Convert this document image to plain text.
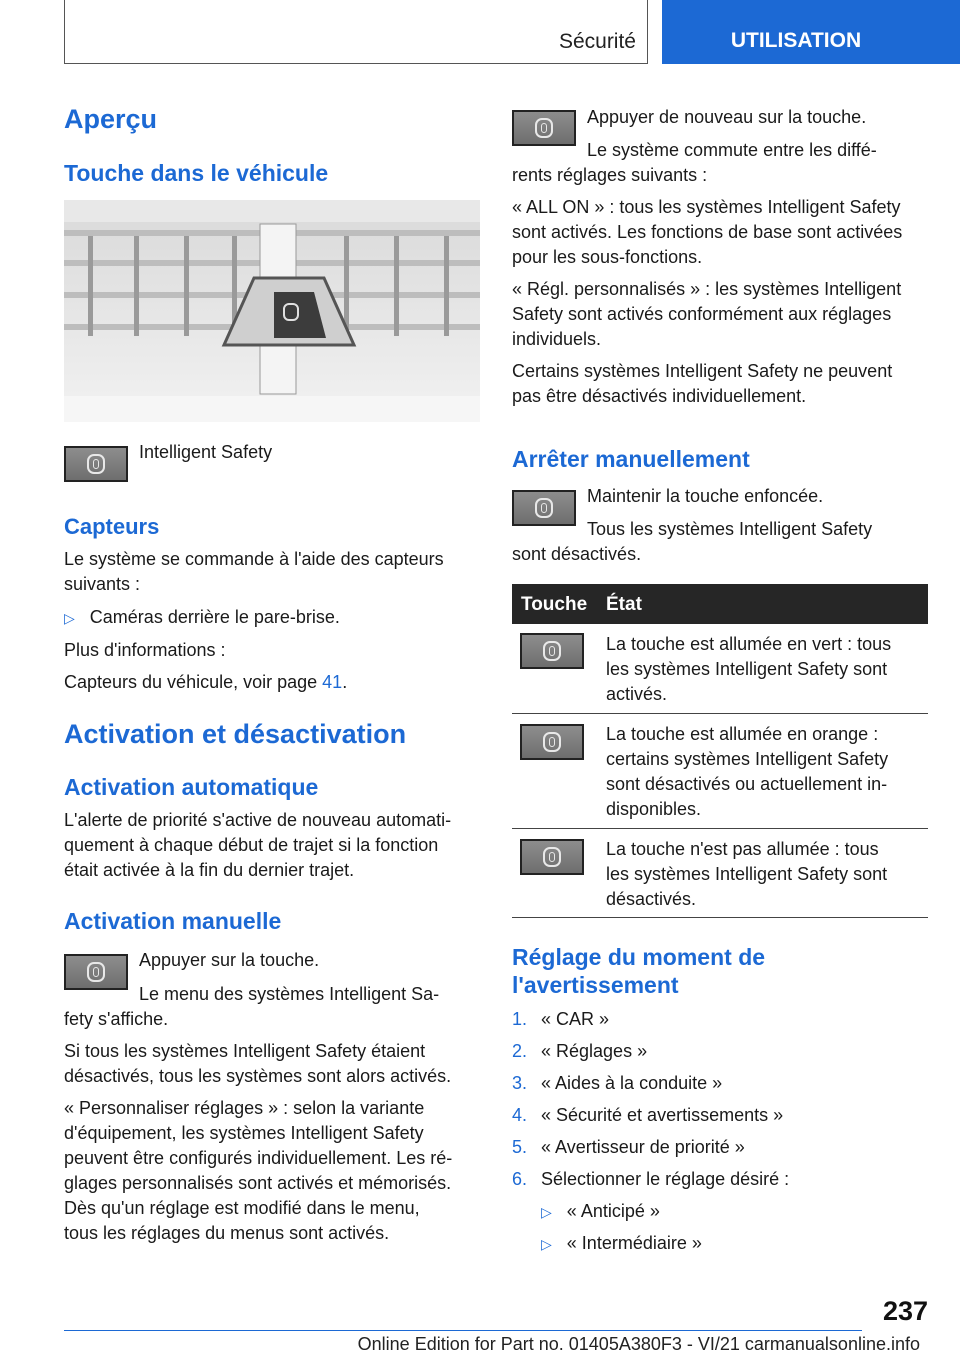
Sécurité	UTILISATION
Aperçu
Touche dans le véhicule
Intelligent Safety
Capteurs
Le système se commande à l'aide des capteurs
suivants :
▷ Caméras derrière le pare-brise.
Plus d'informations :
Capteurs du véhicule, voir page 41.
Activation et désactivation
Activation automatique
L'alerte de priorité s'active de nouveau automati-
quement à chaque début de trajet si la fonction
était activée à la fin du dernier trajet.
Activation manuelle
Appuyer sur la touche.
Le menu des systèmes Intelligent Sa-
fety s'affiche.
Si tous les systèmes Intelligent Safety étaient
désactivés, tous les systèmes sont alors activés.
« Personnaliser réglages » : selon la variante
d'équipement, les systèmes Intelligent Safety
peuvent être configurés individuellement. Les ré-
glages personnalisés sont activés et mémorisés.
Dès qu'un réglage est modifié dans le menu,
tous les réglages du menus sont activés.
Appuyer de nouveau sur la touche.
Le système commute entre les diffé-
rents réglages suivants :
« ALL ON » : tous les systèmes Intelligent Safety
sont activés. Les fonctions de base sont activées
pour les sous-fonctions.
« Régl. personnalisés » : les systèmes Intelligent
Safety sont activés conformément aux réglages
individuels.
Certains systèmes Intelligent Safety ne peuvent
pas être désactivés individuellement.
Arrêter manuellement
Maintenir la touche enfoncée.
Tous les systèmes Intelligent Safety
sont désactivés.
Touche État
La touche est allumée en vert : tous
les systèmes Intelligent Safety sont
activés.
La touche est allumée en orange :
certains systèmes Intelligent Safety
sont désactivés ou actuellement in-
disponibles.
La touche n'est pas allumée : tous
les systèmes Intelligent Safety sont
désactivés.
Réglage du moment de
l'avertissement
1. « CAR »
2. « Réglages »
3. « Aides à la conduite »
4. « Sécurité et avertissements »
5. « Avertisseur de priorité »
6. Sélectionner le réglage désiré :
▷ « Anticipé »
▷ « Intermédiaire »
237
Online Edition for Part no. 01405A380F3 - VI/21 carmanualsonline.info
